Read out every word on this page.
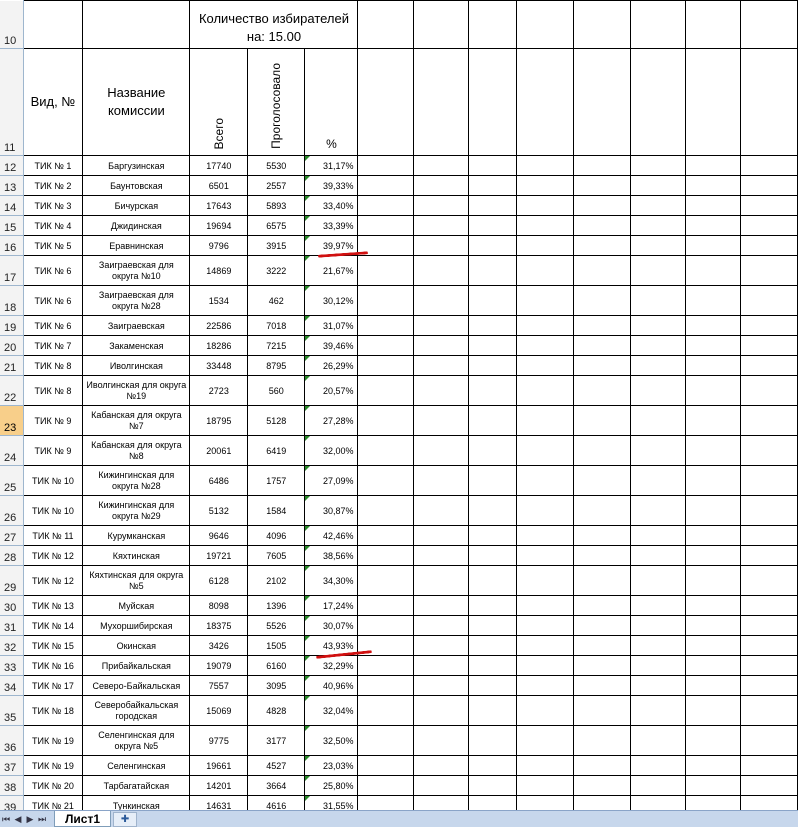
10			Количество избирателей на: 15.00										
11	Вид, №	Название комиссии	Всего	Проголосовало	%								
12	ТИК № 1	Баргузинская	17740	5530	31,17%								
13	ТИК № 2	Баунтовская	6501	2557	39,33%								
14	ТИК № 3	Бичурская	17643	5893	33,40%								
15	ТИК № 4	Джидинская	19694	6575	33,39%								
16	ТИК № 5	Еравнинская	9796	3915	39,97%								
17	ТИК № 6	Заиграевская для округа №10	14869	3222	21,67%								
18	ТИК № 6	Заиграевская для округа №28	1534	462	30,12%								
19	ТИК № 6	Заиграевская	22586	7018	31,07%								
20	ТИК № 7	Закаменская	18286	7215	39,46%								
21	ТИК № 8	Иволгинская	33448	8795	26,29%								
22	ТИК № 8	Иволгинская для округа №19	2723	560	20,57%								
23	ТИК № 9	Кабанская для округа №7	18795	5128	27,28%								
24	ТИК № 9	Кабанская для округа №8	20061	6419	32,00%								
25	ТИК № 10	Кижингинская для округа №28	6486	1757	27,09%								
26	ТИК № 10	Кижингинская для округа №29	5132	1584	30,87%								
27	ТИК № 11	Курумканская	9646	4096	42,46%								
28	ТИК № 12	Кяхтинская	19721	7605	38,56%								
29	ТИК № 12	Кяхтинская для округа №5	6128	2102	34,30%								
30	ТИК № 13	Муйская	8098	1396	17,24%								
31	ТИК № 14	Мухоршибирская	18375	5526	30,07%								
32	ТИК № 15	Окинская	3426	1505	43,93%								
33	ТИК № 16	Прибайкальская	19079	6160	32,29%								
34	ТИК № 17	Северо-Байкальская	7557	3095	40,96%								
35	ТИК № 18	Северобайкальская городская	15069	4828	32,04%								
36	ТИК № 19	Селенгинская для округа №5	9775	3177	32,50%								
37	ТИК № 19	Селенгинская	19661	4527	23,03%								
38	ТИК № 20	Тарбагатайская	14201	3664	25,80%								
39	ТИК № 21	Тункинская	14631	4616	31,55%								
⏮ ◀ ▶ ⏭	Лист1	✚
